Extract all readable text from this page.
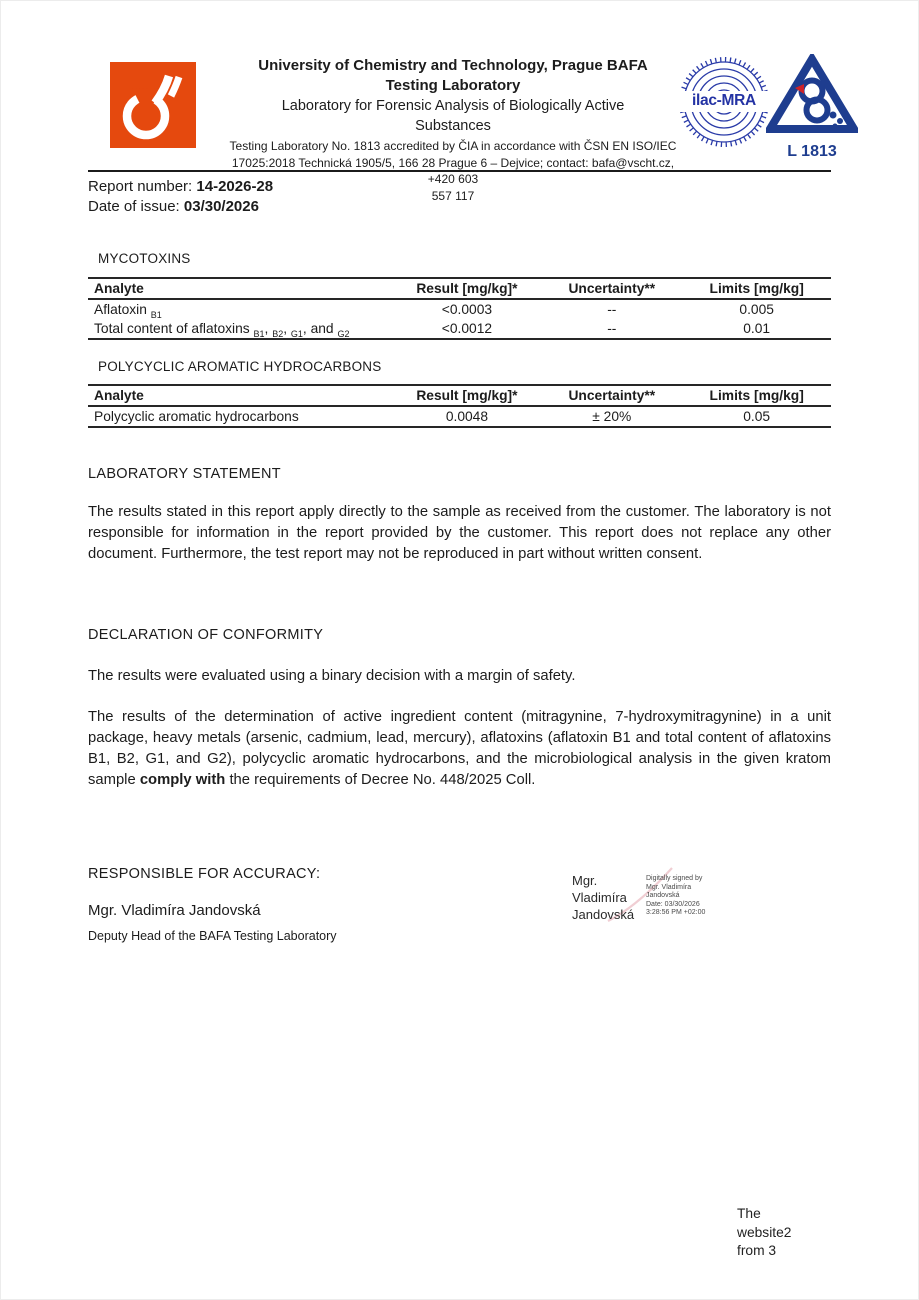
University of Chemistry and Technology, Prague BAFA
Testing Laboratory
Laboratory for Forensic Analysis of Biologically Active Substances
Testing Laboratory No. 1813 accredited by ČIA in accordance with ČSN EN ISO/IEC 17025:2018 Technická 1905/5, 166 28 Prague 6 – Dejvice; contact: bafa@vscht.cz, +420 603
557 117
ilac-MRA
L 1813
Report number: 14-2026-28
Date of issue: 03/30/2026
MYCOTOXINS
Analyte	Result [mg/kg]*	Uncertainty**	Limits [mg/kg]
Aflatoxin $_{B1}$	<0.0003	--	0.005
Total content of aflatoxins $_{B1}$, $_{B2}$, $_{G1}$, and $_{G2}$	<0.0012	--	0.01
POLYCYCLIC AROMATIC HYDROCARBONS
Analyte	Result [mg/kg]*	Uncertainty**	Limits [mg/kg]
Polycyclic aromatic hydrocarbons	0.0048	± 20%	0.05
LABORATORY STATEMENT
The results stated in this report apply directly to the sample as received from the customer. The laboratory is not responsible for information in the report provided by the customer. This report does not replace any other document. Furthermore, the test report may not be reproduced in part without written consent.
DECLARATION OF CONFORMITY
The results were evaluated using a binary decision with a margin of safety.
The results of the determination of active ingredient content (mitragynine, 7-hydroxymitragynine) in a unit package, heavy metals (arsenic, cadmium, lead, mercury), aflatoxins (aflatoxin B1 and total content of aflatoxins B1, B2, G1, and G2), polycyclic aromatic hydrocarbons, and the microbiological analysis in the given kratom sample comply with the requirements of Decree No. 448/2025 Coll.
RESPONSIBLE FOR ACCURACY:
Mgr. Vladimíra Jandovská
Deputy Head of the BAFA Testing Laboratory
Mgr.
Vladimíra
Jandovská
Digitally signed by
Mgr. Vladimíra
Jandovská
Date: 03/30/2026
3:28:56 PM +02:00
The
website2
from 3
